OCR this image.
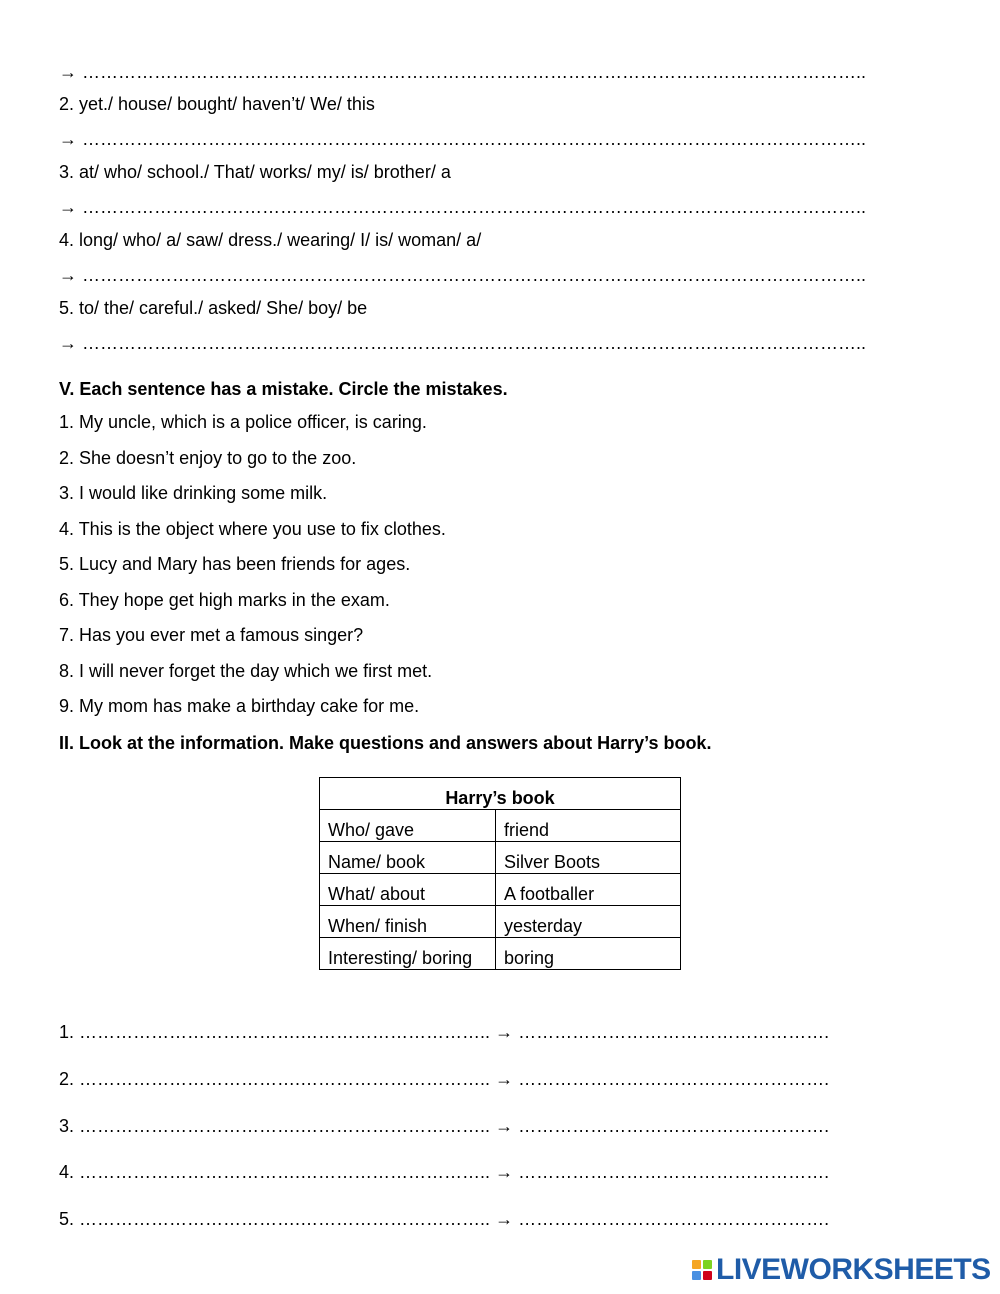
→ …………………………………………………………………………………………………………………..
2. yet./ house/ bought/ haven’t/ We/ this
→ …………………………………………………………………………………………………………………..
3. at/ who/ school./ That/ works/ my/ is/ brother/ a
→ …………………………………………………………………………………………………………………..
4. long/ who/ a/ saw/ dress./ wearing/ I/ is/ woman/ a/
→ …………………………………………………………………………………………………………………..
5. to/ the/ careful./ asked/ She/ boy/ be
→ …………………………………………………………………………………………………………………..
V. Each sentence has a mistake. Circle the mistakes.
1. My uncle, which is a police officer, is caring.
2. She doesn’t enjoy to go to the zoo.
3. I would like drinking some milk.
4. This is the object where you use to fix clothes.
5. Lucy and Mary has been friends for ages.
6. They hope get high marks in the exam.
7. Has you ever met a famous singer?
8. I will never forget the day which we first met.
9. My mom has make a birthday cake for me.
II. Look at the information. Make questions and answers about Harry’s book.
Harry’s book	
Who/ gave	friend
Name/ book	Silver Boots
What/ about	A footballer
When/ finish	yesterday
Interesting/ boring	boring
1. ……………………………….………………………….. → …………………………………………….
2. ……………………………….………………………….. → …………………………………………….
3. ……………………………….………………………….. → …………………………………………….
4. ……………………………….………………………….. → …………………………………………….
5. ……………………………….………………………….. → …………………………………………….
LIVEWORKSHEETS
